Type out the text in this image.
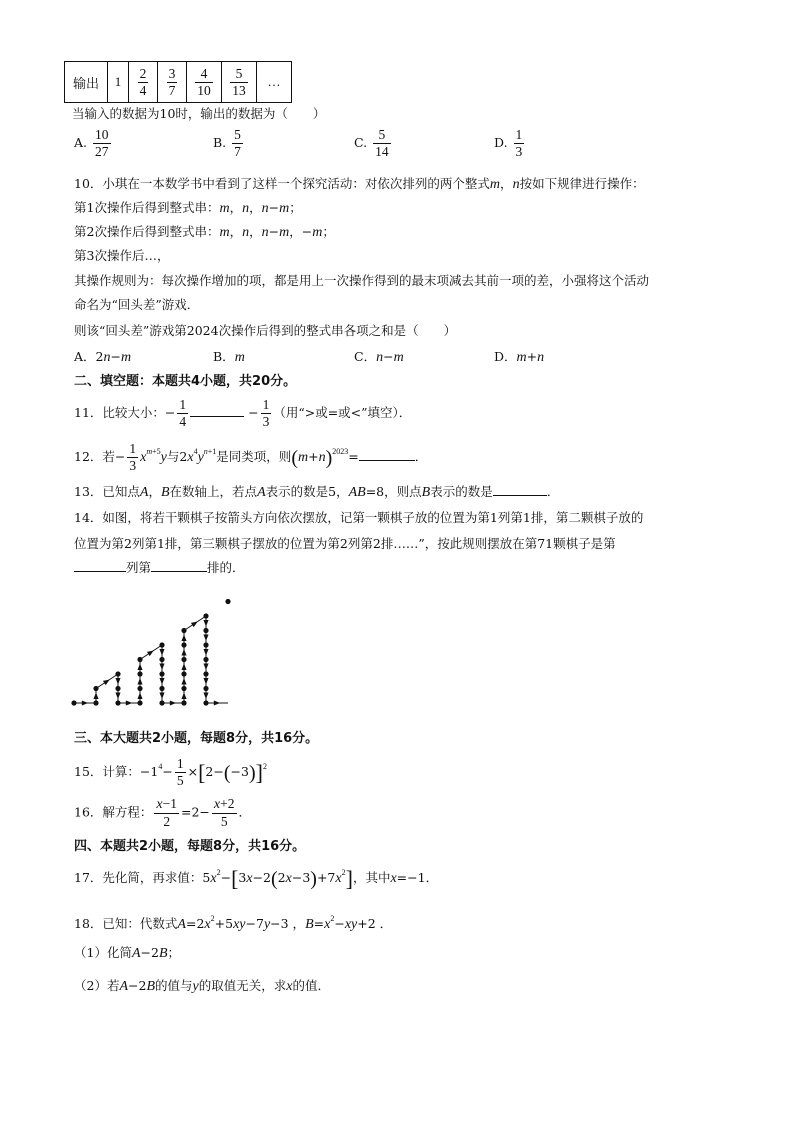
输出	1	$\frac{2}{4}$	$\frac{3}{7}$	$\frac{4}{10}$	$\frac{5}{13}$	…
当输入的数据为10时，输出的数据为（　　）
A. $\frac{10}{27}$	B. $\frac{5}{7}$	C. $\frac{5}{14}$	D. $\frac{1}{3}$
10．小琪在一本数学书中看到了这样一个探究活动：对依次排列的两个整式m，n按如下规律进行操作：
第1次操作后得到整式串：m，n，n−m；
第2次操作后得到整式串：m，n，n−m，−m；
第3次操作后…，
其操作规则为：每次操作增加的项，都是用上一次操作得到的最末项减去其前一项的差，小强将这个活动
命名为“回头差”游戏．
则该“回头差”游戏第2024次操作后得到的整式串各项之和是（　　）
A．2n−m	B．m	C．n−m	D．m+n
二、填空题：本题共4小题，共20分。
11．比较大小：− $\frac{1}{4}$	− $\frac{1}{3}$ （用“>或=或<”填空）．
12．若− $\frac{1}{3} x^{m+5}y$与$2x^4y^{n+1}$是同类项，则$(m+n)^{2023}=$	．
13．已知点A，B在数轴上，若点A表示的数是5，AB=8，则点B表示的数是	．
14．如图，将若干颗棋子按箭头方向依次摆放，记第一颗棋子放的位置为第1列第1排，第二颗棋子放的
位置为第2列第1排，第三颗棋子摆放的位置为第2列第2排……”，按此规则摆放在第71颗棋子是第
列第	排的．
三、本大题共2小题，每题8分，共16分。
15．计算：$-1^4- \frac{1}{5} \times[2-(-3)]^2$
16．解方程： $\frac{x-1}{2} =2- \frac{x+2}{5}$ ．
四、本题共2小题，每题8分，共16分。
17．先化简，再求值：$5x^2-[3x-2(2x-3)+7x^2]$，其中x=−1．
18．已知：代数式$A=2x^2+5xy-7y-3$ ，$B=x^2-xy+2$ ．
（1）化简A−2B；
（2）若A−2B的值与y的取值无关，求x的值．
